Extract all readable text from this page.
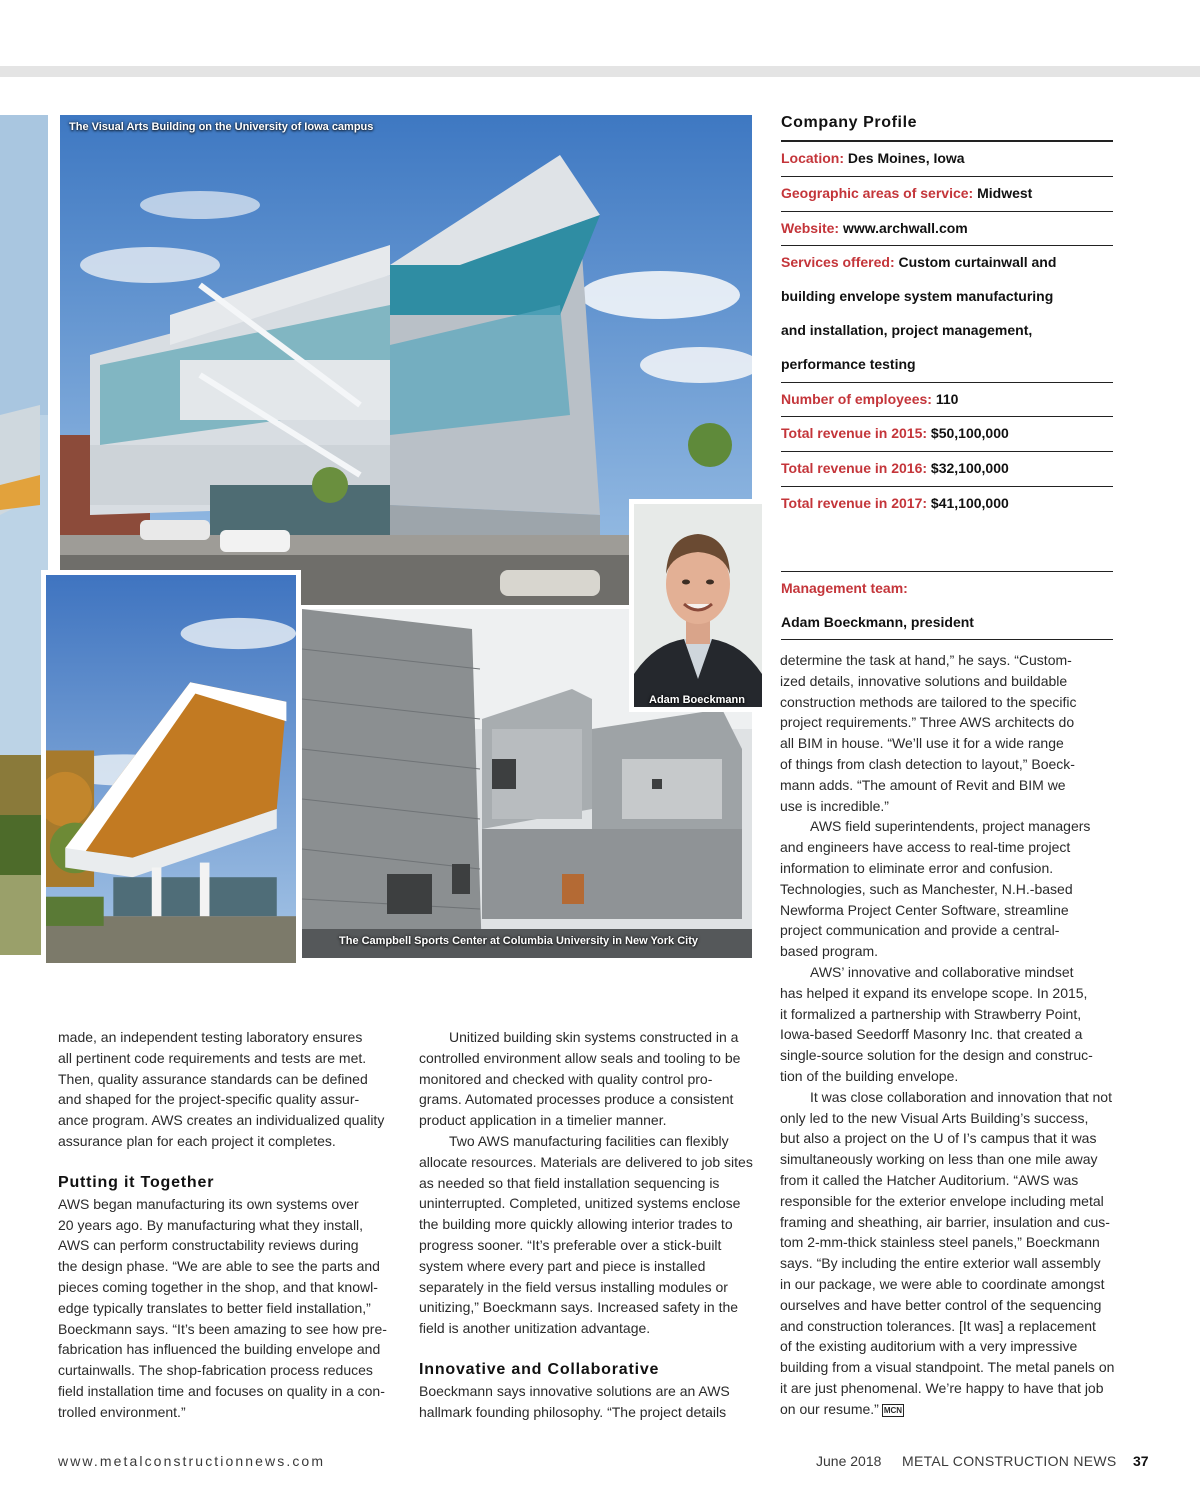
The Visual Arts Building on the University of Iowa campus
The Campbell Sports Center at Columbia University in New York City
Adam Boeckmann
Company Profile
Location: Des Moines, Iowa
Geographic areas of service: Midwest
Website: www.archwall.com
Services offered: Custom curtainwall and
building envelope system manufacturing
and installation, project management,
performance testing
Number of employees: 110
Total revenue in 2015: $50,100,000
Total revenue in 2016: $32,100,000
Total revenue in 2017: $41,100,000
Management team:
Adam Boeckmann, president

made, an independent testing laboratory ensures
all pertinent code requirements and tests are met.
Then, quality assurance standards can be defined
and shaped for the project-specific quality assur-
ance program. AWS creates an individualized quality
assurance plan for each project it completes.

Putting it Together

AWS began manufacturing its own systems over
20 years ago. By manufacturing what they install,
AWS can perform constructability reviews during
the design phase. “We are able to see the parts and
pieces coming together in the shop, and that knowl-
edge typically translates to better field installation,”
Boeckmann says. “It’s been amazing to see how pre-
fabrication has influenced the building envelope and
curtainwalls. The shop-fabrication process reduces
field installation time and focuses on quality in a con-
trolled environment.”

Unitized building skin systems constructed in a
controlled environment allow seals and tooling to be
monitored and checked with quality control pro-
grams. Automated processes produce a consistent
product application in a timelier manner.

Two AWS manufacturing facilities can flexibly
allocate resources. Materials are delivered to job sites
as needed so that field installation sequencing is
uninterrupted. Completed, unitized systems enclose
the building more quickly allowing interior trades to
progress sooner. “It’s preferable over a stick-built
system where every part and piece is installed
separately in the field versus installing modules or
unitizing,” Boeckmann says. Increased safety in the
field is another unitization advantage.

Innovative and Collaborative

Boeckmann says innovative solutions are an AWS
hallmark founding philosophy. “The project details

determine the task at hand,” he says. “Custom-
ized details, innovative solutions and buildable
construction methods are tailored to the specific
project requirements.” Three AWS architects do
all BIM in house. “We’ll use it for a wide range
of things from clash detection to layout,” Boeck-
mann adds. “The amount of Revit and BIM we
use is incredible.”

AWS field superintendents, project managers
and engineers have access to real-time project
information to eliminate error and confusion.
Technologies, such as Manchester, N.H.-based
Newforma Project Center Software, streamline
project communication and provide a central-
based program.

AWS’ innovative and collaborative mindset
has helped it expand its envelope scope. In 2015,
it formalized a partnership with Strawberry Point,
Iowa-based Seedorff Masonry Inc. that created a
single-source solution for the design and construc-
tion of the building envelope.

It was close collaboration and innovation that not
only led to the new Visual Arts Building’s success,
but also a project on the U of I’s campus that it was
simultaneously working on less than one mile away
from it called the Hatcher Auditorium. “AWS was
responsible for the exterior envelope including metal
framing and sheathing, air barrier, insulation and cus-
tom 2-mm-thick stainless steel panels,” Boeckmann
says. “By including the entire exterior wall assembly
in our package, we were able to coordinate amongst
ourselves and have better control of the sequencing
and construction tolerances. [It was] a replacement
of the existing auditorium with a very impressive
building from a visual standpoint. The metal panels on
it are just phenomenal. We’re happy to have that job
on our resume.” MCN

www.metalconstructionnews.com	June 2018 METAL CONSTRUCTION NEWS 37
